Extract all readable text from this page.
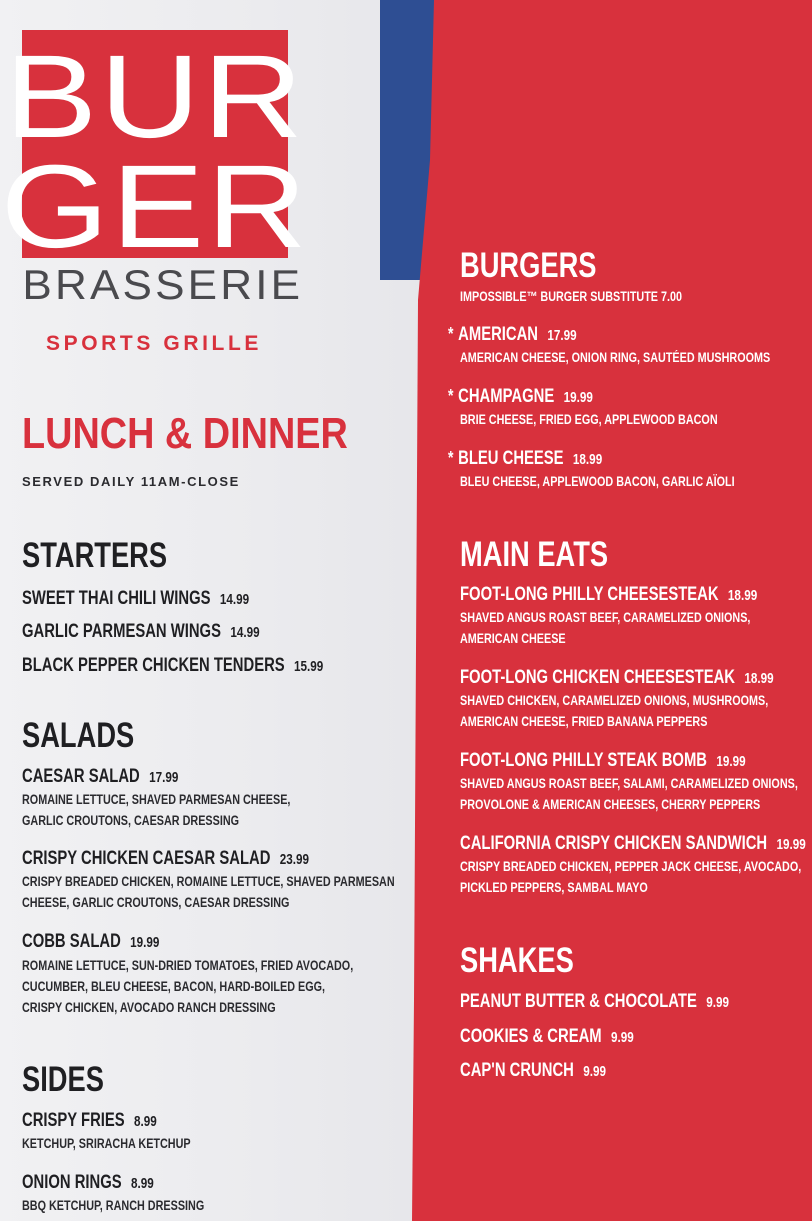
BUR
GER
BRASSERIE
SPORTS GRILLE
LUNCH & DINNER
SERVED DAILY 11AM-CLOSE
STARTERS
SWEET THAI CHILI WINGS 14.99
GARLIC PARMESAN WINGS 14.99
BLACK PEPPER CHICKEN TENDERS 15.99
SALADS
CAESAR SALAD 17.99
ROMAINE LETTUCE, SHAVED PARMESAN CHEESE,
GARLIC CROUTONS, CAESAR DRESSING
CRISPY CHICKEN CAESAR SALAD 23.99
CRISPY BREADED CHICKEN, ROMAINE LETTUCE, SHAVED PARMESAN
CHEESE, GARLIC CROUTONS, CAESAR DRESSING
COBB SALAD 19.99
ROMAINE LETTUCE, SUN-DRIED TOMATOES, FRIED AVOCADO,
CUCUMBER, BLEU CHEESE, BACON, HARD-BOILED EGG,
CRISPY CHICKEN, AVOCADO RANCH DRESSING
SIDES
CRISPY FRIES 8.99
KETCHUP, SRIRACHA KETCHUP
ONION RINGS 8.99
BBQ KETCHUP, RANCH DRESSING
BURGERS
IMPOSSIBLE™ BURGER SUBSTITUTE 7.00
* AMERICAN 17.99
AMERICAN CHEESE, ONION RING, SAUTÉED MUSHROOMS
* CHAMPAGNE 19.99
BRIE CHEESE, FRIED EGG, APPLEWOOD BACON
* BLEU CHEESE 18.99
BLEU CHEESE, APPLEWOOD BACON, GARLIC AÏOLI
MAIN EATS
FOOT-LONG PHILLY CHEESESTEAK 18.99
SHAVED ANGUS ROAST BEEF, CARAMELIZED ONIONS,
AMERICAN CHEESE
FOOT-LONG CHICKEN CHEESESTEAK 18.99
SHAVED CHICKEN, CARAMELIZED ONIONS, MUSHROOMS,
AMERICAN CHEESE, FRIED BANANA PEPPERS
FOOT-LONG PHILLY STEAK BOMB 19.99
SHAVED ANGUS ROAST BEEF, SALAMI, CARAMELIZED ONIONS,
PROVOLONE & AMERICAN CHEESES, CHERRY PEPPERS
CALIFORNIA CRISPY CHICKEN SANDWICH 19.99
CRISPY BREADED CHICKEN, PEPPER JACK CHEESE, AVOCADO,
PICKLED PEPPERS, SAMBAL MAYO
SHAKES
PEANUT BUTTER & CHOCOLATE 9.99
COOKIES & CREAM 9.99
CAP'N CRUNCH 9.99
